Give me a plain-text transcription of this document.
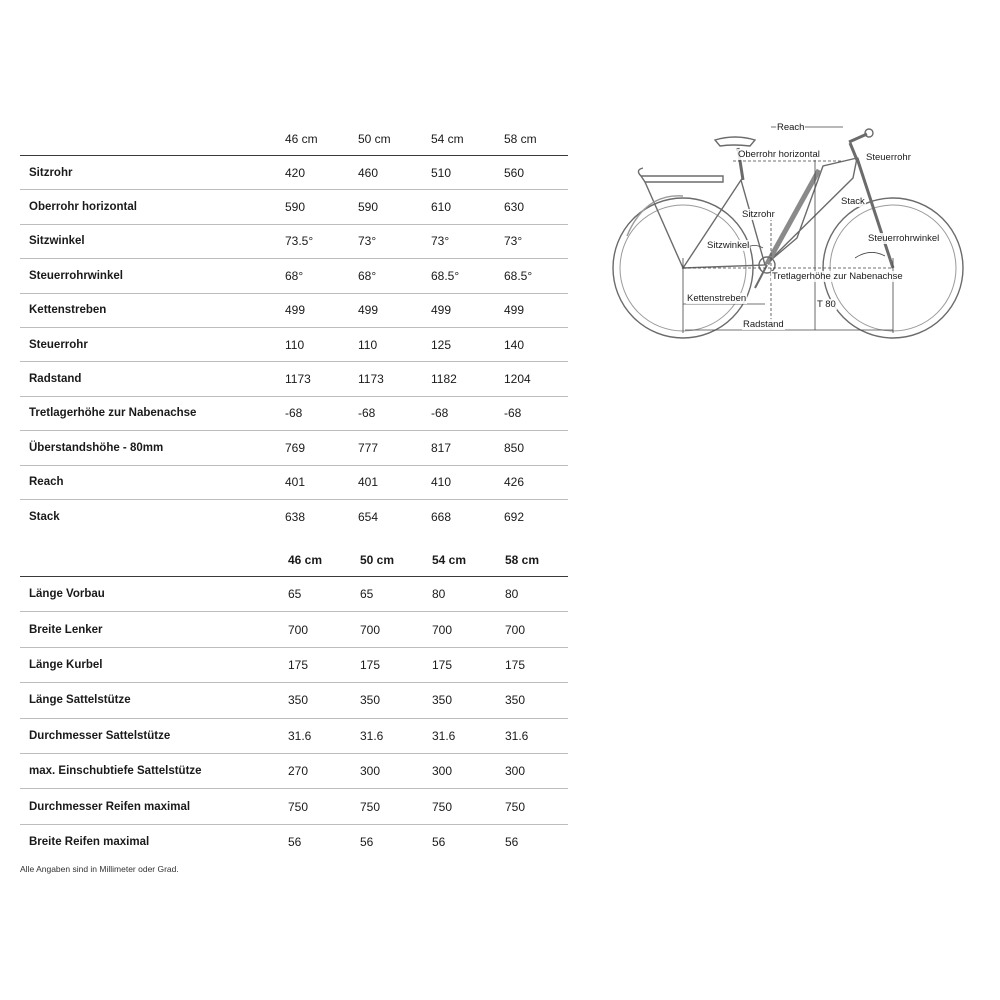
46 cm	50 cm	54 cm	58 cm
Sitzrohr	420	460	510	560
Oberrohr horizontal	590	590	610	630
Sitzwinkel	73.5°	73°	73°	73°
Steuerrohrwinkel	68°	68°	68.5°	68.5°
Kettenstreben	499	499	499	499
Steuerrohr	110	110	125	140
Radstand	1173	1173	1182	1204
Tretlagerhöhe zur Nabenachse	-68	-68	-68	-68
Überstandshöhe - 80mm	769	777	817	850
Reach	401	401	410	426
Stack	638	654	668	692
46 cm	50 cm	54 cm	58 cm
Länge Vorbau	65	65	80	80
Breite Lenker	700	700	700	700
Länge Kurbel	175	175	175	175
Länge Sattelstütze	350	350	350	350
Durchmesser Sattelstütze	31.6	31.6	31.6	31.6
max. Einschubtiefe Sattelstütze	270	300	300	300
Durchmesser Reifen maximal	750	750	750	750
Breite Reifen maximal	56	56	56	56
Alle Angaben sind in Millimeter oder Grad.
Reach
Oberrohr horizontal	Steuerrohr
Sitzrohr
Stack
Steuerrohrwinkel
Sitzwinkel
Tretlagerhöhe zur Nabenachse
Kettenstreben
T 80
Radstand
